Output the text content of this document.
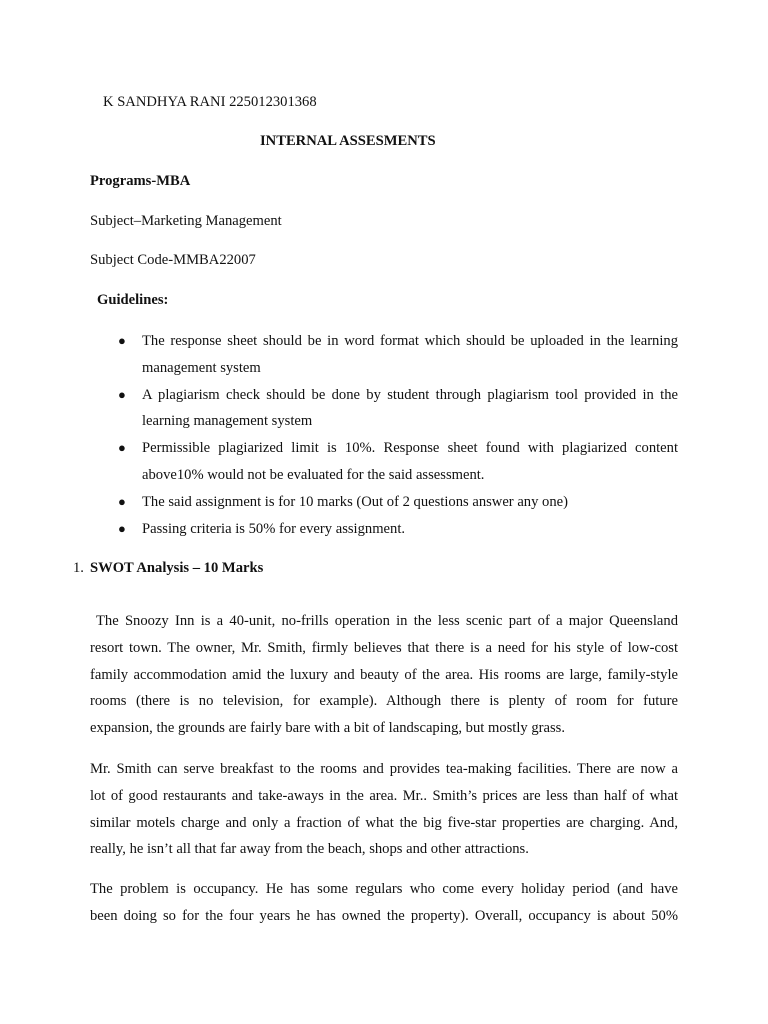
K SANDHYA RANI 225012301368
INTERNAL ASSESMENTS
Programs-MBA
Subject–Marketing Management
Subject Code-MMBA22007
Guidelines:
● The response sheet should be in word format which should be uploaded in the learning
management system
● A plagiarism check should be done by student through plagiarism tool provided in the
learning management system
● Permissible plagiarized limit is 10%. Response sheet found with plagiarized content
above10% would not be evaluated for the said assessment.
● The said assignment is for 10 marks (Out of 2 questions answer any one)
● Passing criteria is 50% for every assignment.
1. SWOT Analysis – 10 Marks
The Snoozy Inn is a 40-unit, no-frills operation in the less scenic part of a major Queensland
resort town. The owner, Mr. Smith, firmly believes that there is a need for his style of low-cost
family accommodation amid the luxury and beauty of the area. His rooms are large, family-style
rooms (there is no television, for example). Although there is plenty of room for future
expansion, the grounds are fairly bare with a bit of landscaping, but mostly grass.
Mr. Smith can serve breakfast to the rooms and provides tea-making facilities. There are now a
lot of good restaurants and take-aways in the area. Mr.. Smith’s prices are less than half of what
similar motels charge and only a fraction of what the big five-star properties are charging. And,
really, he isn’t all that far away from the beach, shops and other attractions.
The problem is occupancy. He has some regulars who come every holiday period (and have
been doing so for the four years he has owned the property). Overall, occupancy is about 50%
